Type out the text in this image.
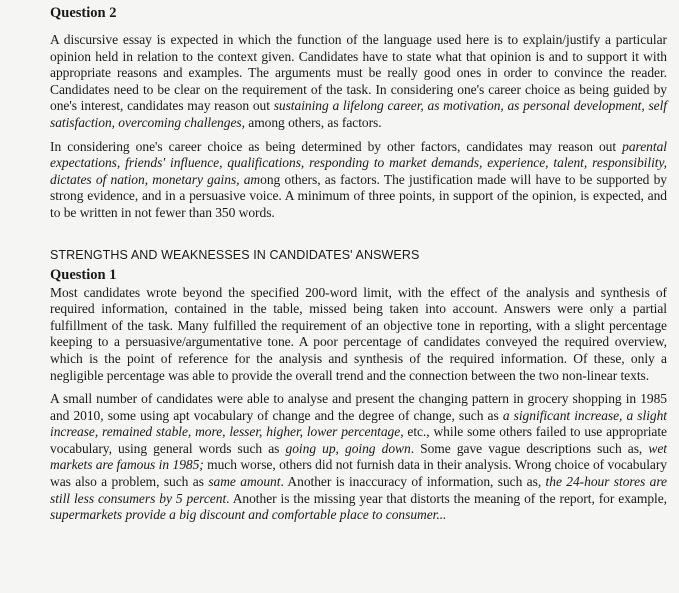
Question 2

A discursive essay is expected in which the function of the language used here is to explain/justify a particular opinion held in relation to the context given. Candidates have to state what that opinion is and to support it with appropriate reasons and examples. The arguments must be really good ones in order to convince the reader. Candidates need to be clear on the requirement of the task. In considering one's career choice as being guided by one's interest, candidates may reason out sustaining a lifelong career, as motivation, as personal development, self satisfaction, overcoming challenges, among others, as factors.

In considering one's career choice as being determined by other factors, candidates may reason out parental expectations, friends' influence, qualifications, responding to market demands, experience, talent, responsibility, dictates of nation, monetary gains, among others, as factors. The justification made will have to be supported by strong evidence, and in a persuasive voice. A minimum of three points, in support of the opinion, is expected, and to be written in not fewer than 350 words.

STRENGTHS AND WEAKNESSES IN CANDIDATES' ANSWERS
Question 1

Most candidates wrote beyond the specified 200-word limit, with the effect of the analysis and synthesis of required information, contained in the table, missed being taken into account. Answers were only a partial fulfillment of the task. Many fulfilled the requirement of an objective tone in reporting, with a slight percentage keeping to a persuasive/argumentative tone. A poor percentage of candidates conveyed the required overview, which is the point of reference for the analysis and synthesis of the required information. Of these, only a negligible percentage was able to provide the overall trend and the connection between the two non-linear texts.

A small number of candidates were able to analyse and present the changing pattern in grocery shopping in 1985 and 2010, some using apt vocabulary of change and the degree of change, such as a significant increase, a slight increase, remained stable, more, lesser, higher, lower percentage, etc., while some others failed to use appropriate vocabulary, using general words such as going up, going down. Some gave vague descriptions such as, wet markets are famous in 1985; much worse, others did not furnish data in their analysis. Wrong choice of vocabulary was also a problem, such as same amount. Another is inaccuracy of information, such as, the 24-hour stores are still less consumers by 5 percent. Another is the missing year that distorts the meaning of the report, for example, supermarkets provide a big discount and comfortable place to consumer...
